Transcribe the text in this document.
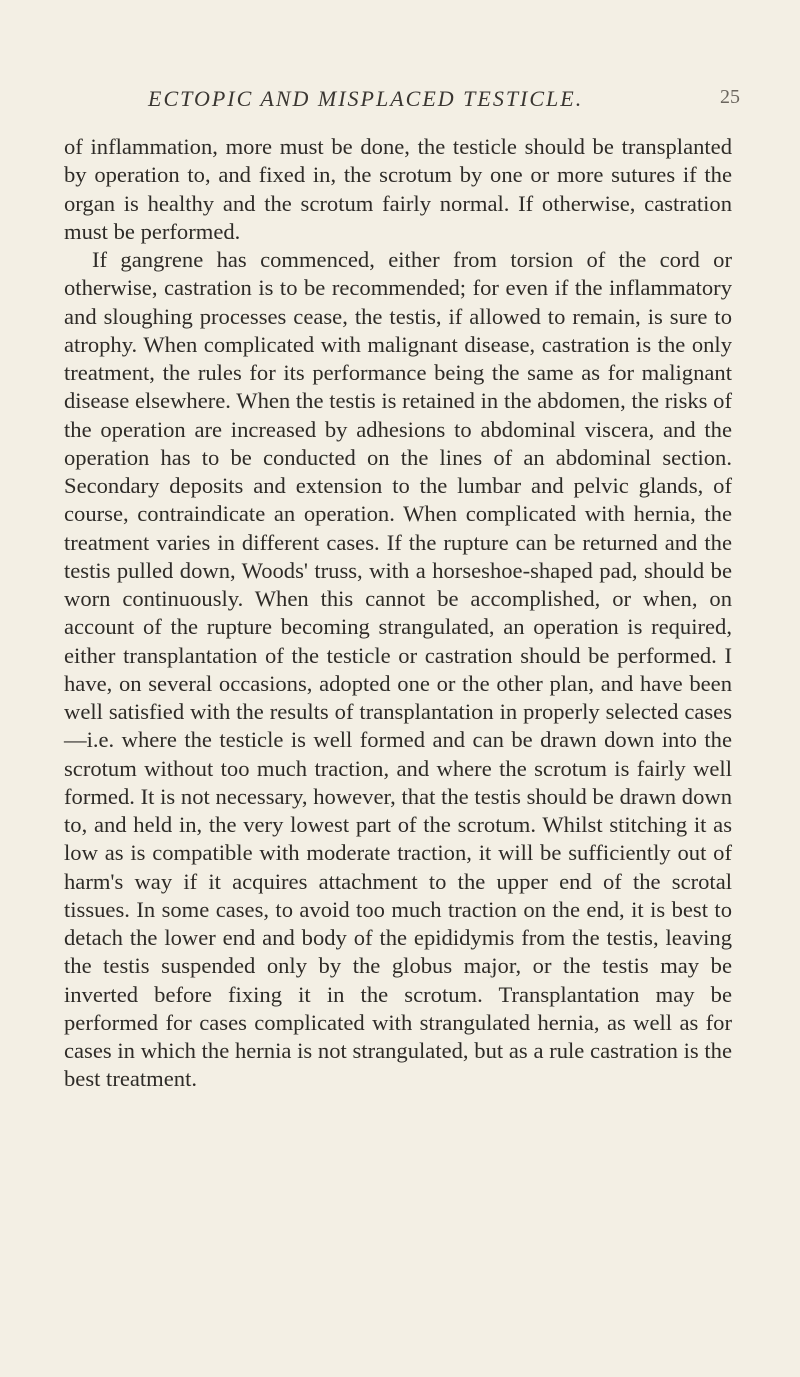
ECTOPIC AND MISPLACED TESTICLE.	25

of inflammation, more must be done, the testicle should be transplanted by operation to, and fixed in, the scrotum by one or more sutures if the organ is healthy and the scrotum fairly normal. If otherwise, castration must be performed.

If gangrene has commenced, either from torsion of the cord or otherwise, castration is to be recommended; for even if the inflammatory and sloughing processes cease, the testis, if allowed to remain, is sure to atrophy. When complicated with malignant disease, castration is the only treatment, the rules for its performance being the same as for malignant disease elsewhere. When the testis is retained in the abdomen, the risks of the operation are increased by adhesions to abdominal viscera, and the operation has to be conducted on the lines of an abdominal section. Secondary deposits and extension to the lumbar and pelvic glands, of course, contraindicate an operation. When complicated with hernia, the treatment varies in different cases. If the rupture can be returned and the testis pulled down, Woods' truss, with a horseshoe-shaped pad, should be worn continuously. When this cannot be accomplished, or when, on account of the rupture becoming strangulated, an operation is required, either transplantation of the testicle or castration should be performed. I have, on several occasions, adopted one or the other plan, and have been well satisfied with the results of transplantation in properly selected cases—i.e. where the testicle is well formed and can be drawn down into the scrotum without too much traction, and where the scrotum is fairly well formed. It is not necessary, however, that the testis should be drawn down to, and held in, the very lowest part of the scrotum. Whilst stitching it as low as is compatible with moderate traction, it will be sufficiently out of harm's way if it acquires attachment to the upper end of the scrotal tissues. In some cases, to avoid too much traction on the end, it is best to detach the lower end and body of the epididymis from the testis, leaving the testis suspended only by the globus major, or the testis may be inverted before fixing it in the scrotum. Transplantation may be performed for cases complicated with strangulated hernia, as well as for cases in which the hernia is not strangulated, but as a rule castration is the best treatment.
